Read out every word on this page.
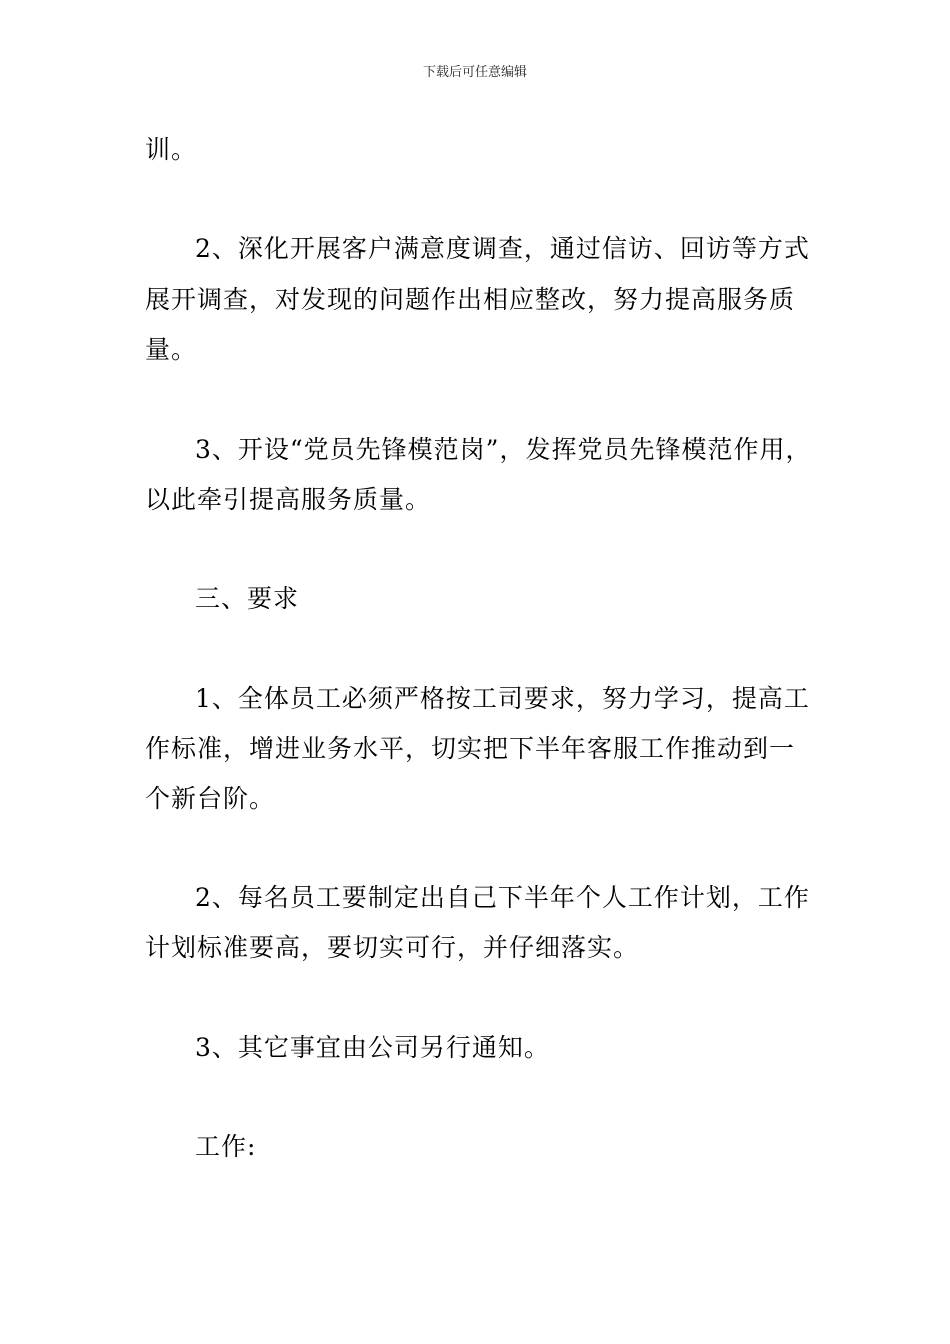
下载后可任意编辑
训。
2、深化开展客户满意度调查，通过信访、回访等方式
展开调查，对发现的问题作出相应整改，努力提高服务质
量。
3、开设“党员先锋模范岗”，发挥党员先锋模范作用，
以此牵引提高服务质量。
三、要求
1、全体员工必须严格按工司要求，努力学习，提高工
作标准，增进业务水平，切实把下半年客服工作推动到一
个新台阶。
2、每名员工要制定出自己下半年个人工作计划，工作
计划标准要高，要切实可行，并仔细落实。
3、其它事宜由公司另行通知。
工作:
